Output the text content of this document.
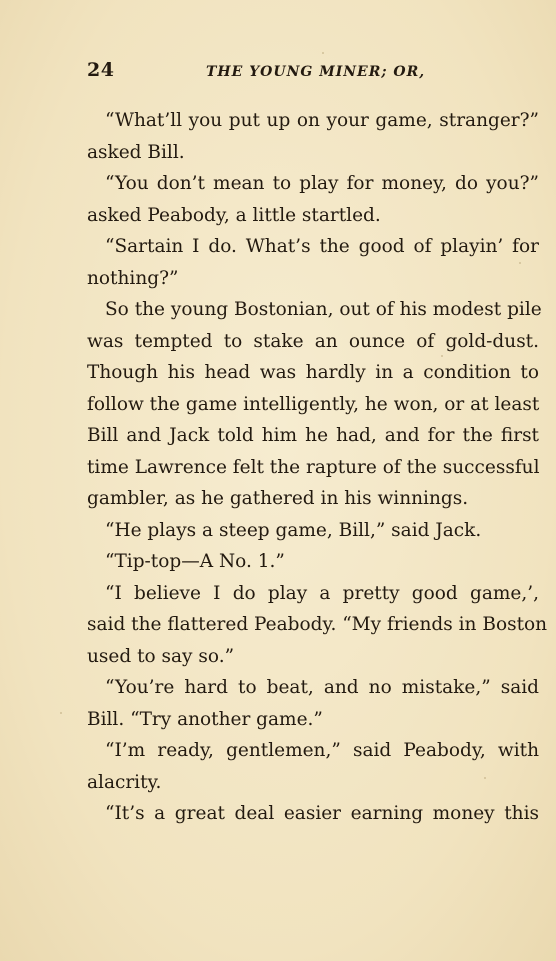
24	THE YOUNG MINER; OR,
“What’ll you put up on your game, stranger?”
asked Bill.
“You don’t mean to play for money, do you?”
asked Peabody, a little startled.
“Sartain I do. What’s the good of playin’ for
nothing?”
So the young Bostonian, out of his modest pile
was tempted to stake an ounce of gold-dust.
Though his head was hardly in a condition to
follow the game intelligently, he won, or at least
Bill and Jack told him he had, and for the first
time Lawrence felt the rapture of the successful
gambler, as he gathered in his winnings.
“He plays a steep game, Bill,” said Jack.
“Tip-top—A No. 1.”
“I believe I do play a pretty good game,’,
said the flattered Peabody. “My friends in Boston
used to say so.”
“You’re hard to beat, and no mistake,” said
Bill. “Try another game.”
“I’m ready, gentlemen,” said Peabody, with
alacrity.
“It’s a great deal easier earning money this
